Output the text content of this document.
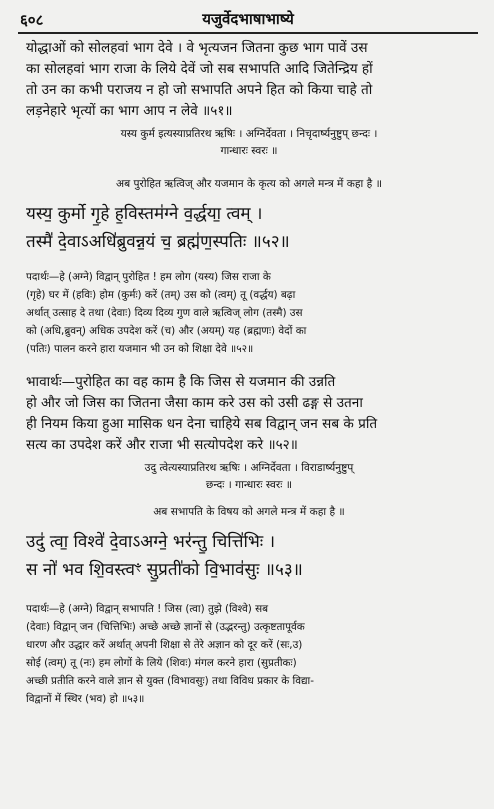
६०८	यजुर्वेदभाषाभाष्ये
योद्धाओं को सोलहवां भाग देवे । वे भृत्यजन जितना कुछ भाग पावें उस
का सोलहवां भाग राजा के लिये देवें जो सब सभापति आदि जितेन्द्रिय हों
तो उन का कभी पराजय न हो जो सभापति अपने हित को किया चाहे तो
लड़नेहारे भृत्यों का भाग आप न लेवे ॥५१॥
यस्य कुर्म इत्यस्याप्रतिरथ ऋषिः । अग्निर्देवता । निचृदार्ष्यनुष्टुप् छन्दः ।
गान्धारः स्वरः ॥
अब पुरोहित ऋत्विज् और यजमान के कृत्य को अगले मन्त्र में कहा है ॥
यस्य॒ कुर्मो गृ॒हे ह॒विस्तम॑ग्ने व॒र्द्धया॒ त्वम् ।
तस्मै॑ दे॒वाऽअधि॑ब्रुवन्न॒यं च॒ ब्रह्म॑ण॒स्पतिः ॥५२॥
पदार्थः—हे (अग्ने) विद्वान् पुरोहित ! हम लोग (यस्य) जिस राजा के
(गृहे) घर में (हविः) होम (कुर्मः) करें (तम्) उस को (त्वम्) तू (वर्द्धय) बढ़ा
अर्थात् उत्साह दे तथा (देवाः) दिव्य दिव्य गुण वाले ऋत्विज् लोग (तस्मै) उस
को (अधि,ब्रुवन्) अधिक उपदेश करें (च) और (अयम्) यह (ब्रह्मणः) वेदों का
(पतिः) पालन करने हारा यजमान भी उन को शिक्षा देवे ॥५२॥
भावार्थः—पुरोहित का वह काम है कि जिस से यजमान की उन्नति
हो और जो जिस का जितना जैसा काम करे उस को उसी ढङ्ग से उतना
ही नियम किया हुआ मासिक धन देना चाहिये सब विद्वान् जन सब के प्रति
सत्य का उपदेश करें और राजा भी सत्योपदेश करे ॥५२॥
उदु त्वेत्यस्याप्रतिरथ ऋषिः । अग्निर्देवता । विराडार्ष्यनुष्टुप्
छन्दः । गान्धारः स्वरः ॥
अब सभापति के विषय को अगले मन्त्र में कहा है ॥
उदु॑ त्वा॒ विश्वे॑ दे॒वाऽअग्ने॒ भर॑न्तु॒ चित्ति॑भिः ।
स नो॑ भव शि॒वस्त्वꣳ सु॒प्रती॑को वि॒भाव॑सुः ॥५३॥
पदार्थः—हे (अग्ने) विद्वान् सभापति ! जिस (त्वा) तुझे (विश्वे) सब
(देवाः) विद्वान् जन (चित्तिभिः) अच्छे अच्छे ज्ञानों से (उद्भरन्तु) उत्कृष्टतापूर्वक
धारण और उद्धार करें अर्थात् अपनी शिक्षा से तेरे अज्ञान को दूर करें (सः,उ)
सोई (त्वम्) तू (नः) हम लोगों के लिये (शिवः) मंगल करने हारा (सुप्रतीकः)
अच्छी प्रतीति करने वाले ज्ञान से युक्त (विभावसुः) तथा विविध प्रकार के विद्या-
विद्वानों में स्थिर (भव) हो ॥५३॥
